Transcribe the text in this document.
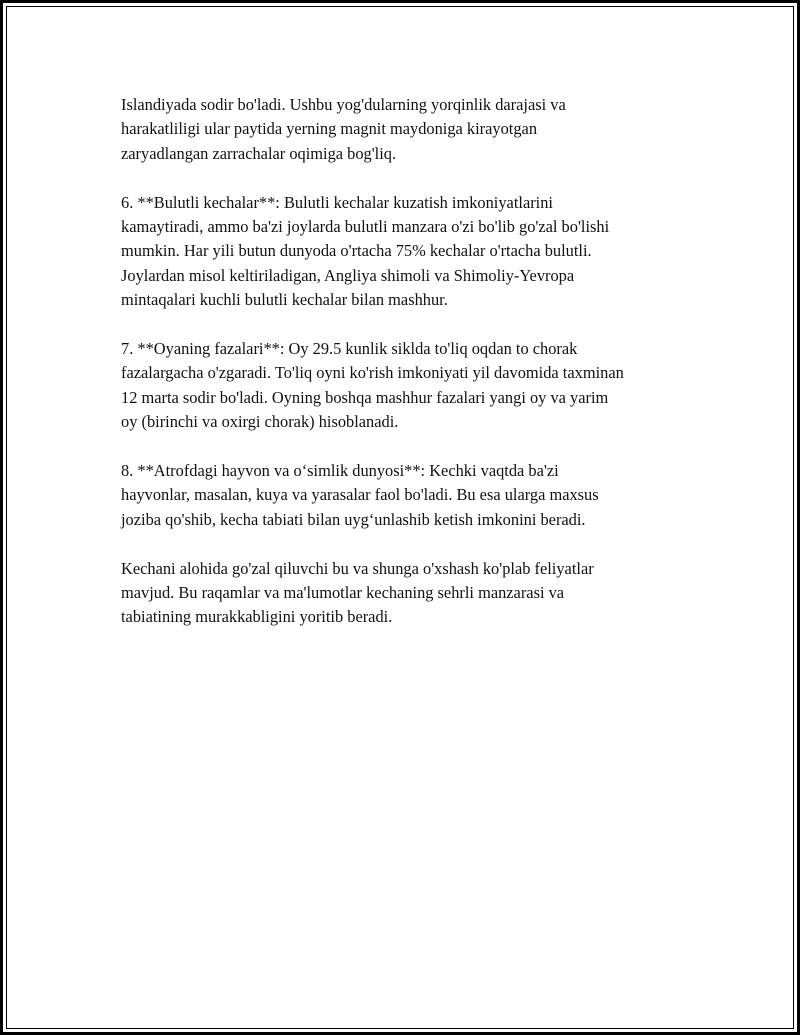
Islandiyada sodir bo'ladi. Ushbu yog'dularning yorqinlik darajasi va
harakatliligi ular paytida yerning magnit maydoniga kirayotgan
zaryadlangan zarrachalar oqimiga bog'liq.

6. **Bulutli kechalar**: Bulutli kechalar kuzatish imkoniyatlarini
kamaytiradi, ammo ba'zi joylarda bulutli manzara o'zi bo'lib go'zal bo'lishi
mumkin. Har yili butun dunyoda o'rtacha 75% kechalar o'rtacha bulutli.
Joylardan misol keltiriladigan, Angliya shimoli va Shimoliy-Yevropa
mintaqalari kuchli bulutli kechalar bilan mashhur.

7. **Oyaning fazalari**: Oy 29.5 kunlik siklda to'liq oqdan to chorak
fazalargacha o'zgaradi. To'liq oyni ko'rish imkoniyati yil davomida taxminan
12 marta sodir bo'ladi. Oyning boshqa mashhur fazalari yangi oy va yarim
oy (birinchi va oxirgi chorak) hisoblanadi.

8. **Atrofdagi hayvon va o‘simlik dunyosi**: Kechki vaqtda ba'zi
hayvonlar, masalan, kuya va yarasalar faol bo'ladi. Bu esa ularga maxsus
joziba qo'shib, kecha tabiati bilan uyg‘unlashib ketish imkonini beradi.

Kechani alohida go'zal qiluvchi bu va shunga o'xshash ko'plab feliyatlar
mavjud. Bu raqamlar va ma'lumotlar kechaning sehrli manzarasi va
tabiatining murakkabligini yoritib beradi.
